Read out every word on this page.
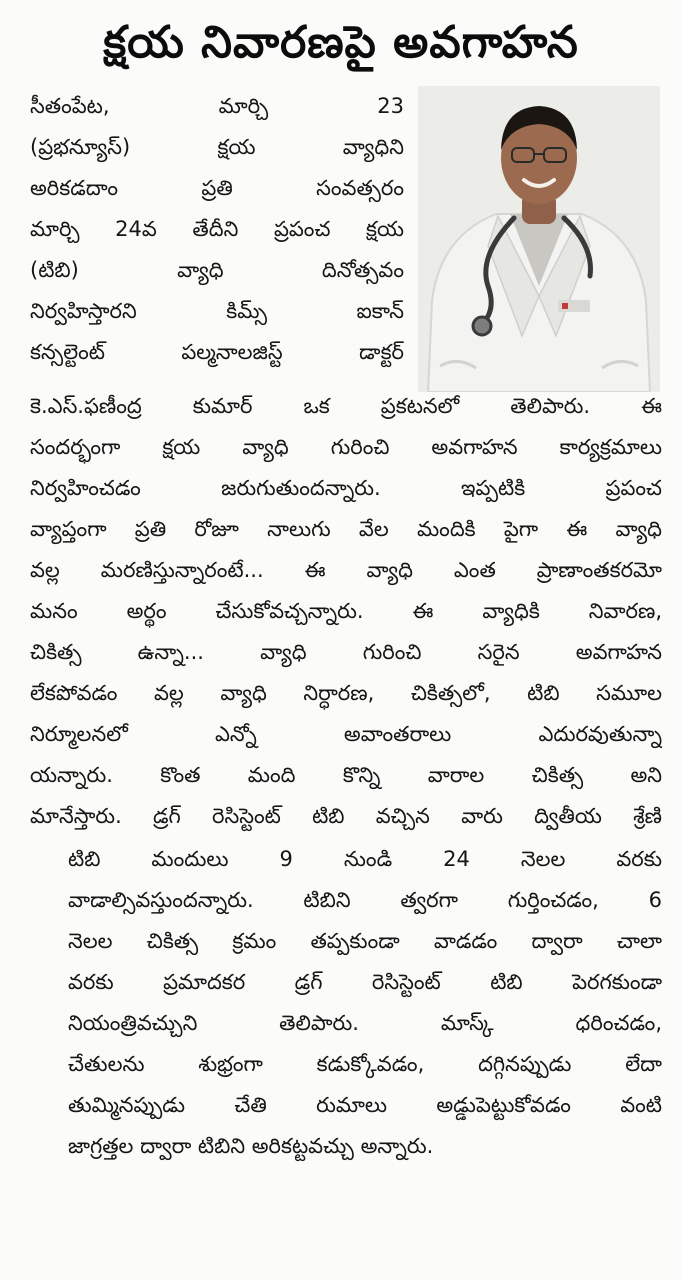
క్షయ నివారణపై అవగాహన
సీతంపేట, మార్చి 23
(ప్రభన్యూస్) క్షయ వ్యాధిని
అరికడదాం ప్రతి సంవత్సరం
మార్చి 24వ తేదీని ప్రపంచ క్షయ
(టిబి) వ్యాధి దినోత్సవం
నిర్వహిస్తారని కిమ్స్ ఐకాన్
కన్సల్టెంట్ పల్మనాలజిస్ట్ డాక్టర్
కె.ఎస్.ఫణీంద్ర కుమార్ ఒక ప్రకటనలో తెలిపారు. ఈ
సందర్భంగా క్షయ వ్యాధి గురించి అవగాహన కార్యక్రమాలు
నిర్వహించడం జరుగుతుందన్నారు. ఇప్పటికి ప్రపంచ
వ్యాప్తంగా ప్రతి రోజూ నాలుగు వేల మందికి పైగా ఈ వ్యాధి
వల్ల మరణిస్తున్నారంటే... ఈ వ్యాధి ఎంత ప్రాణాంతకరమో
మనం అర్థం చేసుకోవచ్చన్నారు. ఈ వ్యాధికి నివారణ,
చికిత్స ఉన్నా... వ్యాధి గురించి సరైన అవగాహన
లేకపోవడం వల్ల వ్యాధి నిర్ధారణ, చికిత్సలో, టిబి సమూల
నిర్మూలనలో ఎన్నో అవాంతరాలు ఎదురవుతున్నా
యన్నారు. కొంత మంది కొన్ని వారాల చికిత్స అని
మానేస్తారు. డ్రగ్ రెసిస్టెంట్ టిబి వచ్చిన వారు ద్వితీయ శ్రేణి
టిబి మందులు 9 నుండి 24 నెలల వరకు
వాడాల్సివస్తుందన్నారు. టిబిని త్వరగా గుర్తించడం, 6
నెలల చికిత్స క్రమం తప్పకుండా వాడడం ద్వారా చాలా
వరకు ప్రమాదకర డ్రగ్ రెసిస్టెంట్ టిబి పెరగకుండా
నియంత్రివచ్చుని తెలిపారు. మాస్క్ ధరించడం,
చేతులను శుభ్రంగా కడుక్కోవడం, దగ్గినప్పుడు లేదా
తుమ్మినప్పుడు చేతి రుమాలు అడ్డుపెట్టుకోవడం వంటి
జాగ్రత్తల ద్వారా టిబిని అరికట్టవచ్చు అన్నారు.
